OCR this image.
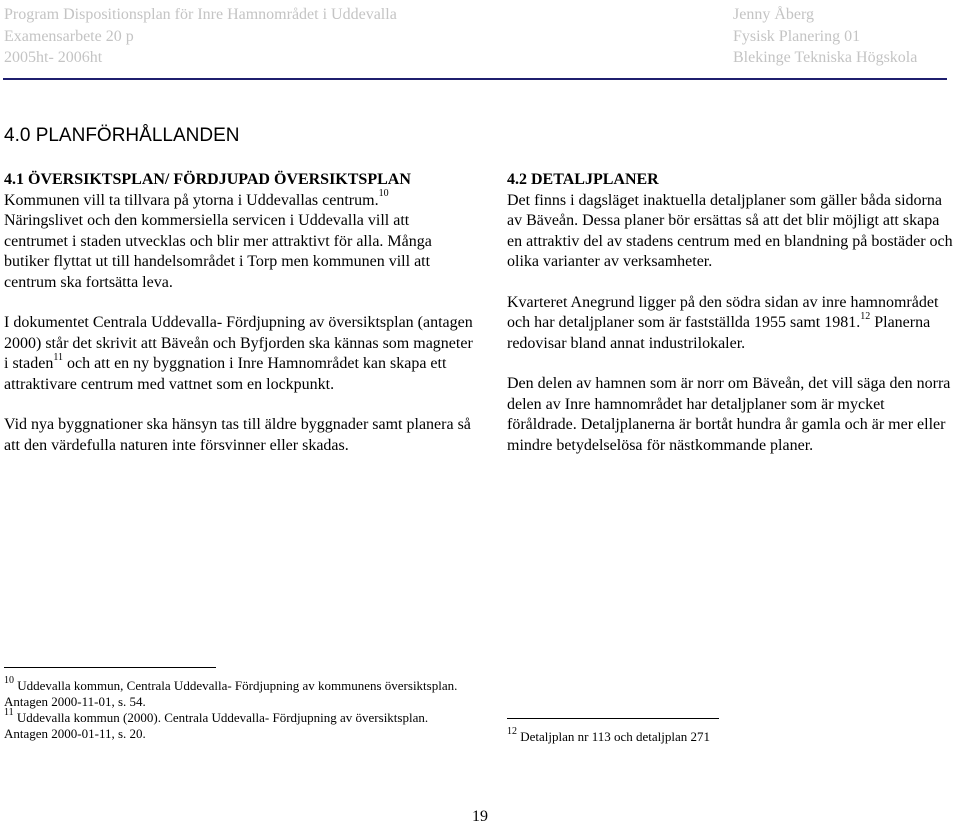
Program Dispositionsplan för Inre Hamnområdet i Uddevalla
Examensarbete 20 p
2005ht- 2006ht
Jenny Åberg
Fysisk Planering 01
Blekinge Tekniska Högskola
4.0 PLANFÖRHÅLLANDEN
4.1 ÖVERSIKTSPLAN/ FÖRDJUPAD ÖVERSIKTSPLAN

Kommunen vill ta tillvara på ytorna i Uddevallas centrum.$^{10}$
Näringslivet och den kommersiella servicen i Uddevalla vill att centrumet i staden utvecklas och blir mer attraktivt för alla. Många butiker flyttat ut till handelsområdet i Torp men kommunen vill att centrum ska fortsätta leva.

I dokumentet Centrala Uddevalla- Fördjupning av översiktsplan (antagen 2000) står det skrivit att Bäveån och Byfjorden ska kännas som magneter i staden$^{11}$ och att en ny byggnation i Inre Hamnområdet kan skapa ett attraktivare centrum med vattnet som en lockpunkt.

Vid nya byggnationer ska hänsyn tas till äldre byggnader samt planera så att den värdefulla naturen inte försvinner eller skadas.

4.2 DETALJPLANER

Det finns i dagsläget inaktuella detaljplaner som gäller båda sidorna av Bäveån. Dessa planer bör ersättas så att det blir möjligt att skapa en attraktiv del av stadens centrum med en blandning på bostäder och olika varianter av verksamheter.

Kvarteret Anegrund ligger på den södra sidan av inre hamnområdet och har detaljplaner som är fastställda 1955 samt 1981.12 Planerna redovisar bland annat industrilokaler.

Den delen av hamnen som är norr om Bäveån, det vill säga den norra delen av Inre hamnområdet har detaljplaner som är mycket föråldrade. Detaljplanerna är bortåt hundra år gamla och är mer eller mindre betydelselösa för nästkommande planer.

$^{10}$ Uddevalla kommun, Centrala Uddevalla- Fördjupning av kommunens översiktsplan. Antagen 2000-11-01, s. 54.
$^{11}$ Uddevalla kommun (2000). Centrala Uddevalla- Fördjupning av översiktsplan. Antagen 2000-01-11, s. 20.	$^{12}$ Detaljplan nr 113 och detaljplan 271
19
